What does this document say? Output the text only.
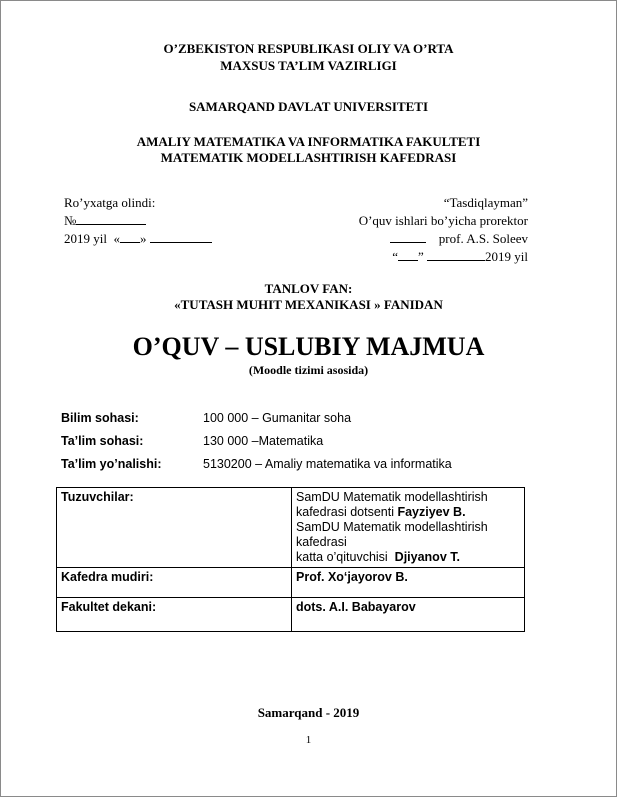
O’ZBEKISTON RESPUBLIKASI OLIY VA O’RTA
MAXSUS TA’LIM VAZIRLIGI
SAMARQAND DAVLAT UNIVERSITETI
AMALIY MATEMATIKA VA INFORMATIKA FAKULTETI
MATEMATIK MODELLASHTIRISH KAFEDRASI
Ro’yxatga olindi:
№
2019 yil « »
“Tasdiqlayman”
O’quv ishlari bo’yicha prorektor
prof. A.S. Soleev
“ ”	2019 yil
TANLOV FAN:
«TUTASH MUHIT MEXANIKASI » FANIDAN
O’QUV – USLUBIY MAJMUA
(Moodle tizimi asosida)
Bilim sohasi:	100 000 – Gumanitar soha
Ta’lim sohasi:	130 000 –Matematika
Ta’lim yo’nalishi:	5130200 – Amaliy matematika va informatika
Tuzuvchilar:	SamDU Matematik modellashtirish
kafedrasi dotsenti Fayziyev B.
SamDU Matematik modellashtirish
kafedrasi
katta o’qituvchisi Djiyanov T.

Kafedra mudiri:	Prof. Xo‘jayorov B.
Fakultet dekani:	dots. A.I. Babayarov
Samarqand - 2019
1
